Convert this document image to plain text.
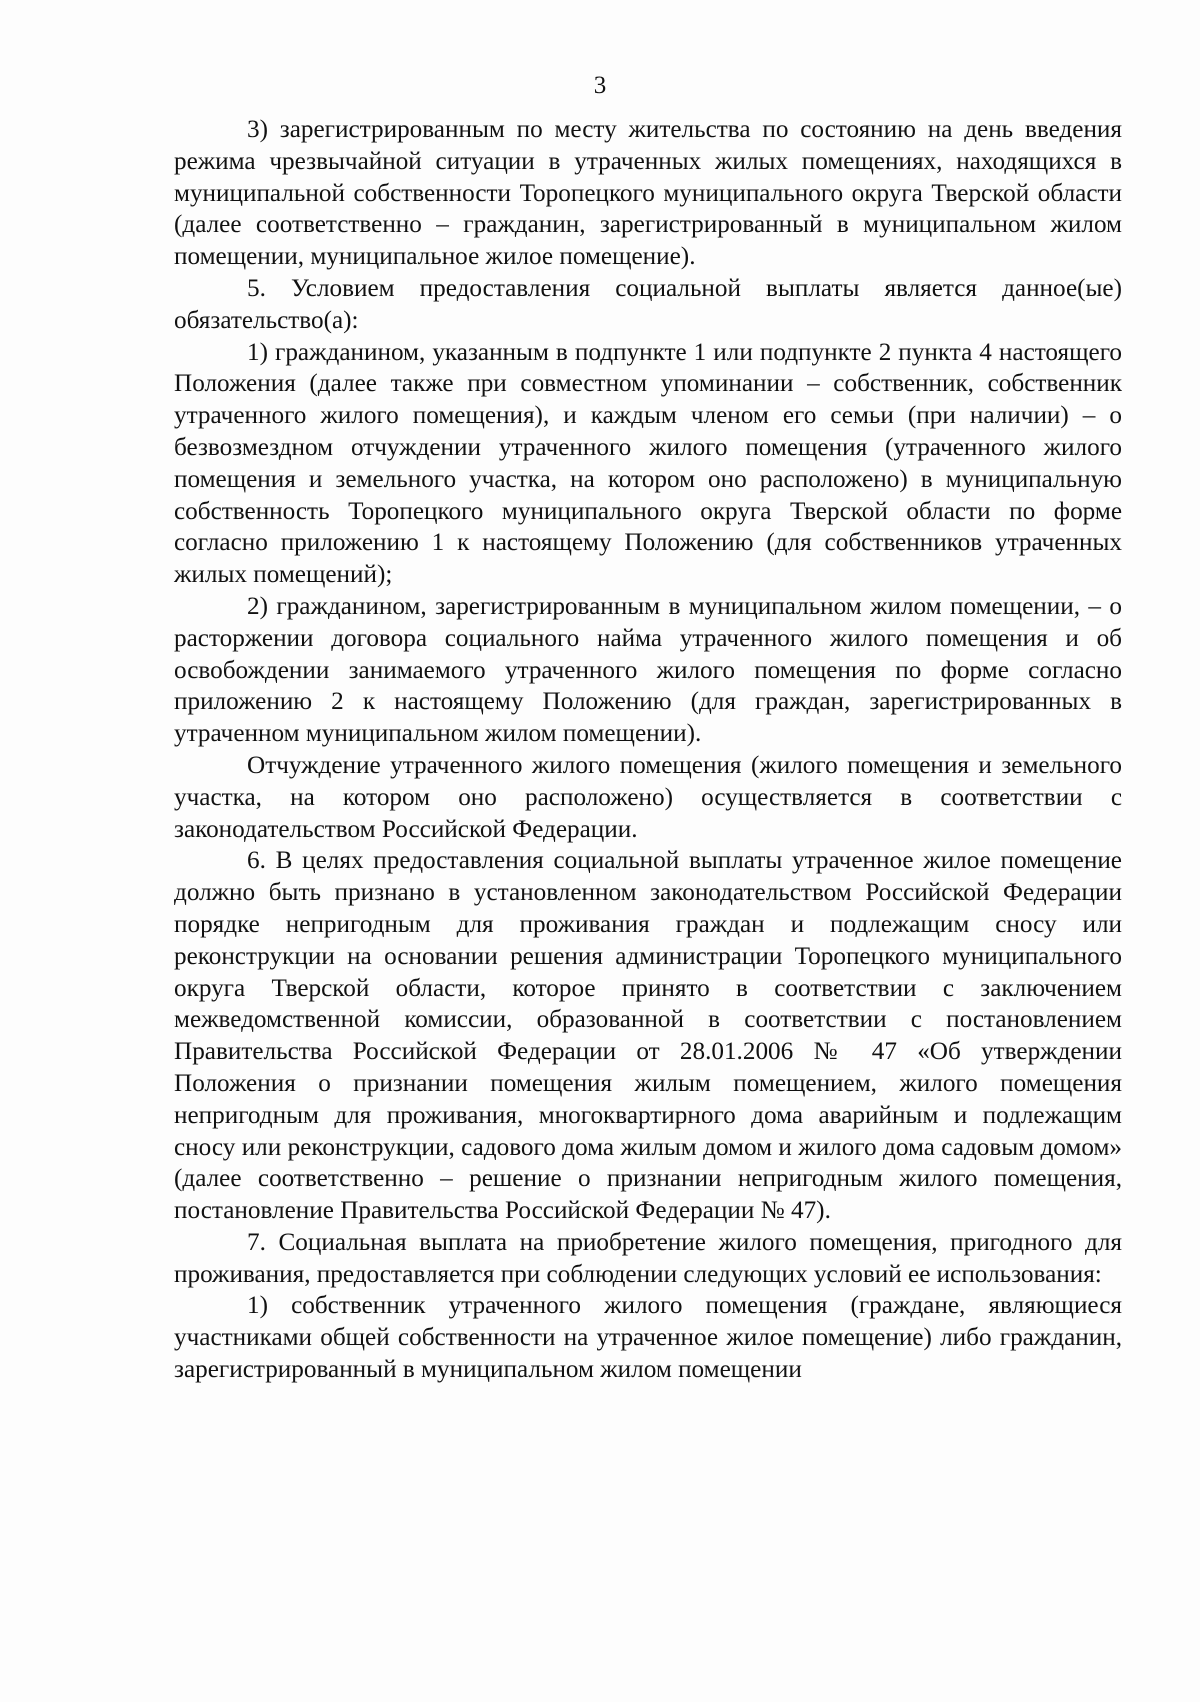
3

3) зарегистрированным по месту жительства по состоянию на день введения режима чрезвычайной ситуации в утраченных жилых помещениях, находящихся в муниципальной собственности Торопецкого муниципального округа Тверской области (далее соответственно – гражданин, зарегистрированный в муниципальном жилом помещении, муниципальное жилое помещение).

5. Условием предоставления социальной выплаты является данное(ые) обязательство(а):

1) гражданином, указанным в подпункте 1 или подпункте 2 пункта 4 настоящего Положения (далее также при совместном упоминании – собственник, собственник утраченного жилого помещения), и каждым членом его семьи (при наличии) – о безвозмездном отчуждении утраченного жилого помещения (утраченного жилого помещения и земельного участка, на котором оно расположено) в муниципальную собственность Торопецкого муниципального округа Тверской области по форме согласно приложению 1 к настоящему Положению (для собственников утраченных жилых помещений);

2) гражданином, зарегистрированным в муниципальном жилом помещении, – о расторжении договора социального найма утраченного жилого помещения и об освобождении занимаемого утраченного жилого помещения по форме согласно приложению 2 к настоящему Положению (для граждан, зарегистрированных в утраченном муниципальном жилом помещении).

Отчуждение утраченного жилого помещения (жилого помещения и земельного участка, на котором оно расположено) осуществляется в соответствии с законодательством Российской Федерации.

6. В целях предоставления социальной выплаты утраченное жилое помещение должно быть признано в установленном законодательством Российской Федерации порядке непригодным для проживания граждан и подлежащим сносу или реконструкции на основании решения администрации Торопецкого муниципального округа Тверской области, которое принято в соответствии с заключением межведомственной комиссии, образованной в соответствии с постановлением Правительства Российской Федерации от 28.01.2006 № 47 «Об утверждении Положения о признании помещения жилым помещением, жилого помещения непригодным для проживания, многоквартирного дома аварийным и подлежащим сносу или реконструкции, садового дома жилым домом и жилого дома садовым домом» (далее соответственно – решение о признании непригодным жилого помещения, постановление Правительства Российской Федерации № 47).

7. Социальная выплата на приобретение жилого помещения, пригодного для проживания, предоставляется при соблюдении следующих условий ее использования:

1) собственник утраченного жилого помещения (граждане, являющиеся участниками общей собственности на утраченное жилое помещение) либо гражданин, зарегистрированный в муниципальном жилом помещении
